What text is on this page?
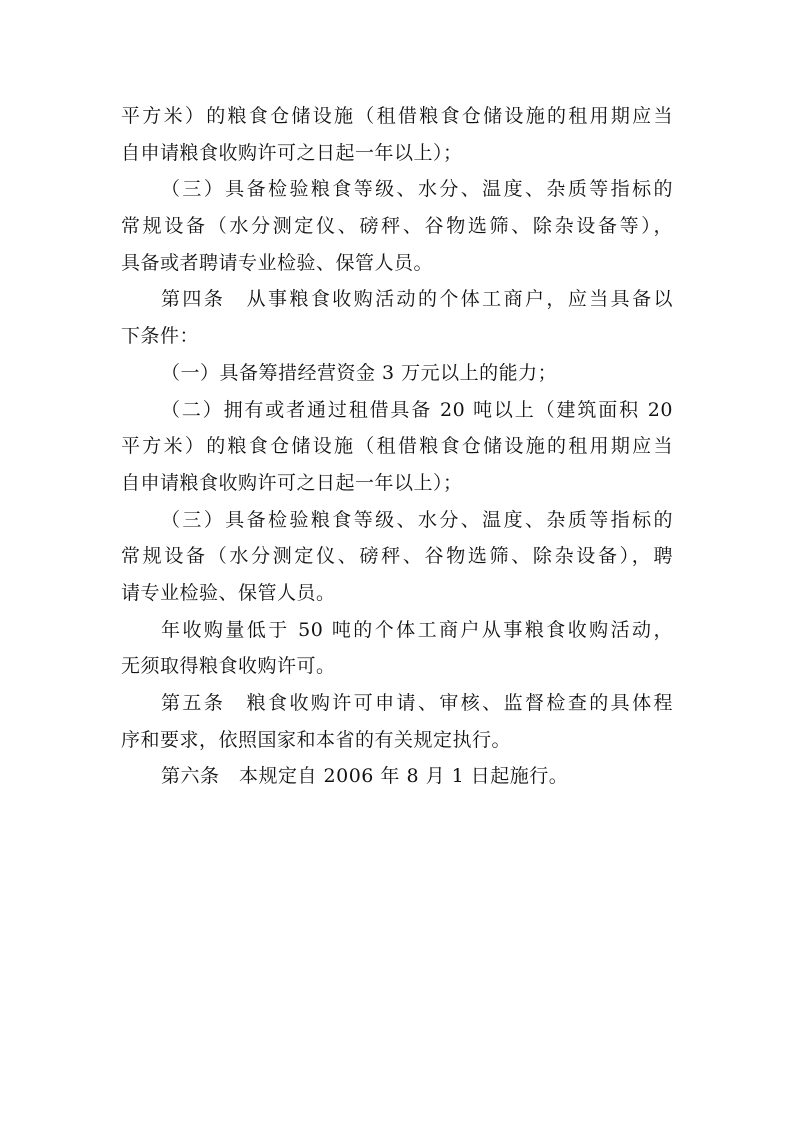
平方米）的粮食仓储设施（租借粮食仓储设施的租用期应当
自申请粮食收购许可之日起一年以上）；
（三）具备检验粮食等级、水分、温度、杂质等指标的
常规设备（水分测定仪、磅秤、谷物选筛、除杂设备等），
具备或者聘请专业检验、保管人员。
第四条　从事粮食收购活动的个体工商户，应当具备以
下条件：
（一）具备筹措经营资金 3 万元以上的能力；
（二）拥有或者通过租借具备 20 吨以上（建筑面积 20
平方米）的粮食仓储设施（租借粮食仓储设施的租用期应当
自申请粮食收购许可之日起一年以上）；
（三）具备检验粮食等级、水分、温度、杂质等指标的
常规设备（水分测定仪、磅秤、谷物选筛、除杂设备），聘
请专业检验、保管人员。
年收购量低于 50 吨的个体工商户从事粮食收购活动，
无须取得粮食收购许可。
第五条　粮食收购许可申请、审核、监督检查的具体程
序和要求，依照国家和本省的有关规定执行。
第六条　本规定自 2006 年 8 月 1 日起施行。
